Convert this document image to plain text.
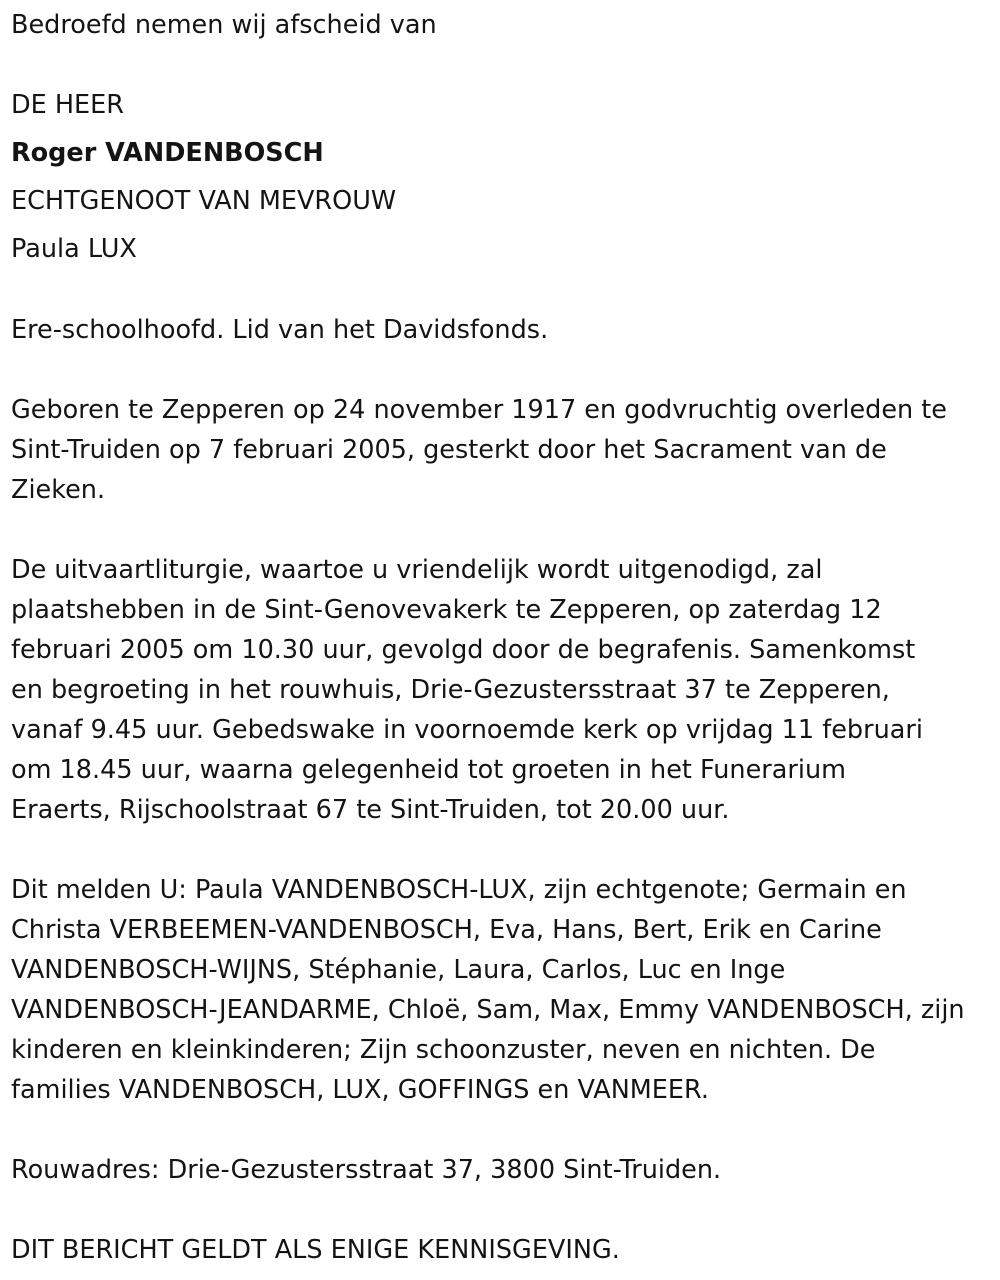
Bedroefd nemen wij afscheid van
DE HEER
Roger VANDENBOSCH
ECHTGENOOT VAN MEVROUW
Paula LUX
Ere-schoolhoofd. Lid van het Davidsfonds.
Geboren te Zepperen op 24 november 1917 en godvruchtig overleden te
Sint-Truiden op 7 februari 2005, gesterkt door het Sacrament van de
Zieken.
De uitvaartliturgie, waartoe u vriendelijk wordt uitgenodigd, zal
plaatshebben in de Sint-Genovevakerk te Zepperen, op zaterdag 12
februari 2005 om 10.30 uur, gevolgd door de begrafenis. Samenkomst
en begroeting in het rouwhuis, Drie-Gezustersstraat 37 te Zepperen,
vanaf 9.45 uur. Gebedswake in voornoemde kerk op vrijdag 11 februari
om 18.45 uur, waarna gelegenheid tot groeten in het Funerarium
Eraerts, Rijschoolstraat 67 te Sint-Truiden, tot 20.00 uur.
Dit melden U: Paula VANDENBOSCH-LUX, zijn echtgenote; Germain en
Christa VERBEEMEN-VANDENBOSCH, Eva, Hans, Bert, Erik en Carine
VANDENBOSCH-WIJNS, Stéphanie, Laura, Carlos, Luc en Inge
VANDENBOSCH-JEANDARME, Chloë, Sam, Max, Emmy VANDENBOSCH, zijn
kinderen en kleinkinderen; Zijn schoonzuster, neven en nichten. De
families VANDENBOSCH, LUX, GOFFINGS en VANMEER.
Rouwadres: Drie-Gezustersstraat 37, 3800 Sint-Truiden.
DIT BERICHT GELDT ALS ENIGE KENNISGEVING.
